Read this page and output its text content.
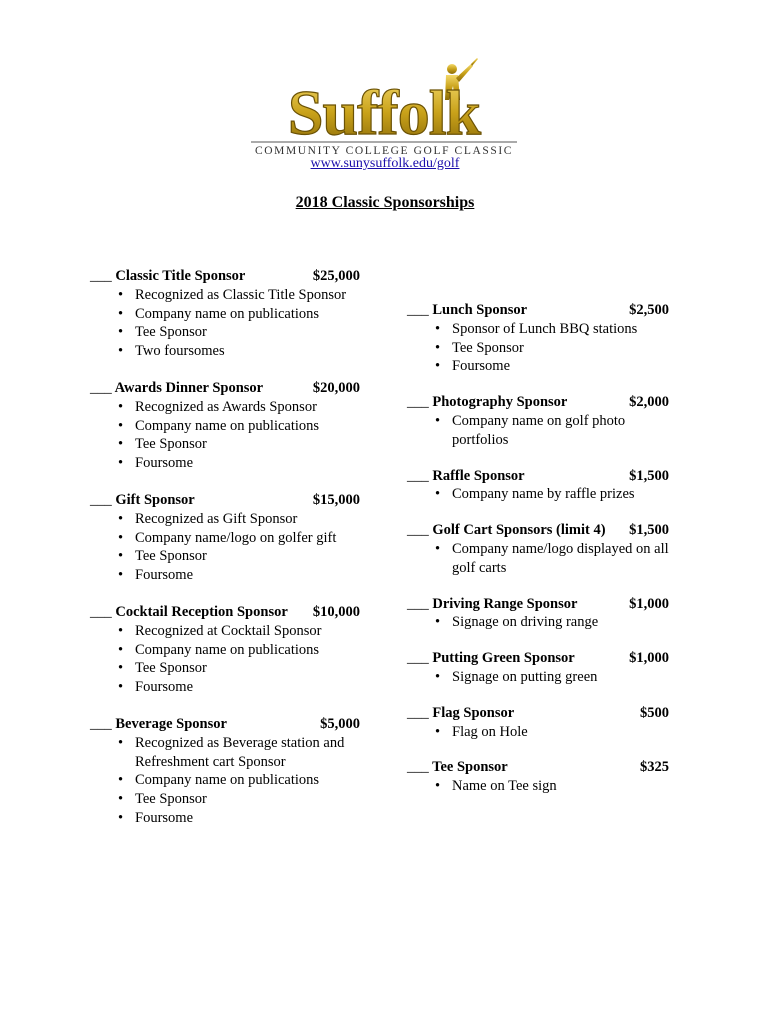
Suffolk
COMMUNITY COLLEGE GOLF CLASSIC
www.sunysuffolk.edu/golf
2018 Classic Sponsorships
___ Classic Title Sponsor	$25,000
• Recognized as Classic Title Sponsor
• Company name on publications
• Tee Sponsor
• Two foursomes
___ Awards Dinner Sponsor	$20,000
• Recognized as Awards Sponsor
• Company name on publications
• Tee Sponsor
• Foursome
___ Gift Sponsor	$15,000
• Recognized as Gift Sponsor
• Company name/logo on golfer gift
• Tee Sponsor
• Foursome
___ Cocktail Reception Sponsor $10,000
• Recognized at Cocktail Sponsor
• Company name on publications
• Tee Sponsor
• Foursome
___ Beverage Sponsor	$5,000
• Recognized as Beverage station and Refreshment cart Sponsor
• Company name on publications
• Tee Sponsor
• Foursome
___ Lunch Sponsor	$2,500
• Sponsor of Lunch BBQ stations
• Tee Sponsor
• Foursome
___ Photography Sponsor	$2,000
• Company name on golf photo portfolios
___ Raffle Sponsor	$1,500
• Company name by raffle prizes
___ Golf Cart Sponsors (limit 4) $1,500
• Company name/logo displayed on all golf carts
___ Driving Range Sponsor	$1,000
• Signage on driving range
___ Putting Green Sponsor	$1,000
• Signage on putting green
___ Flag Sponsor	$500
• Flag on Hole
___ Tee Sponsor	$325
• Name on Tee sign
